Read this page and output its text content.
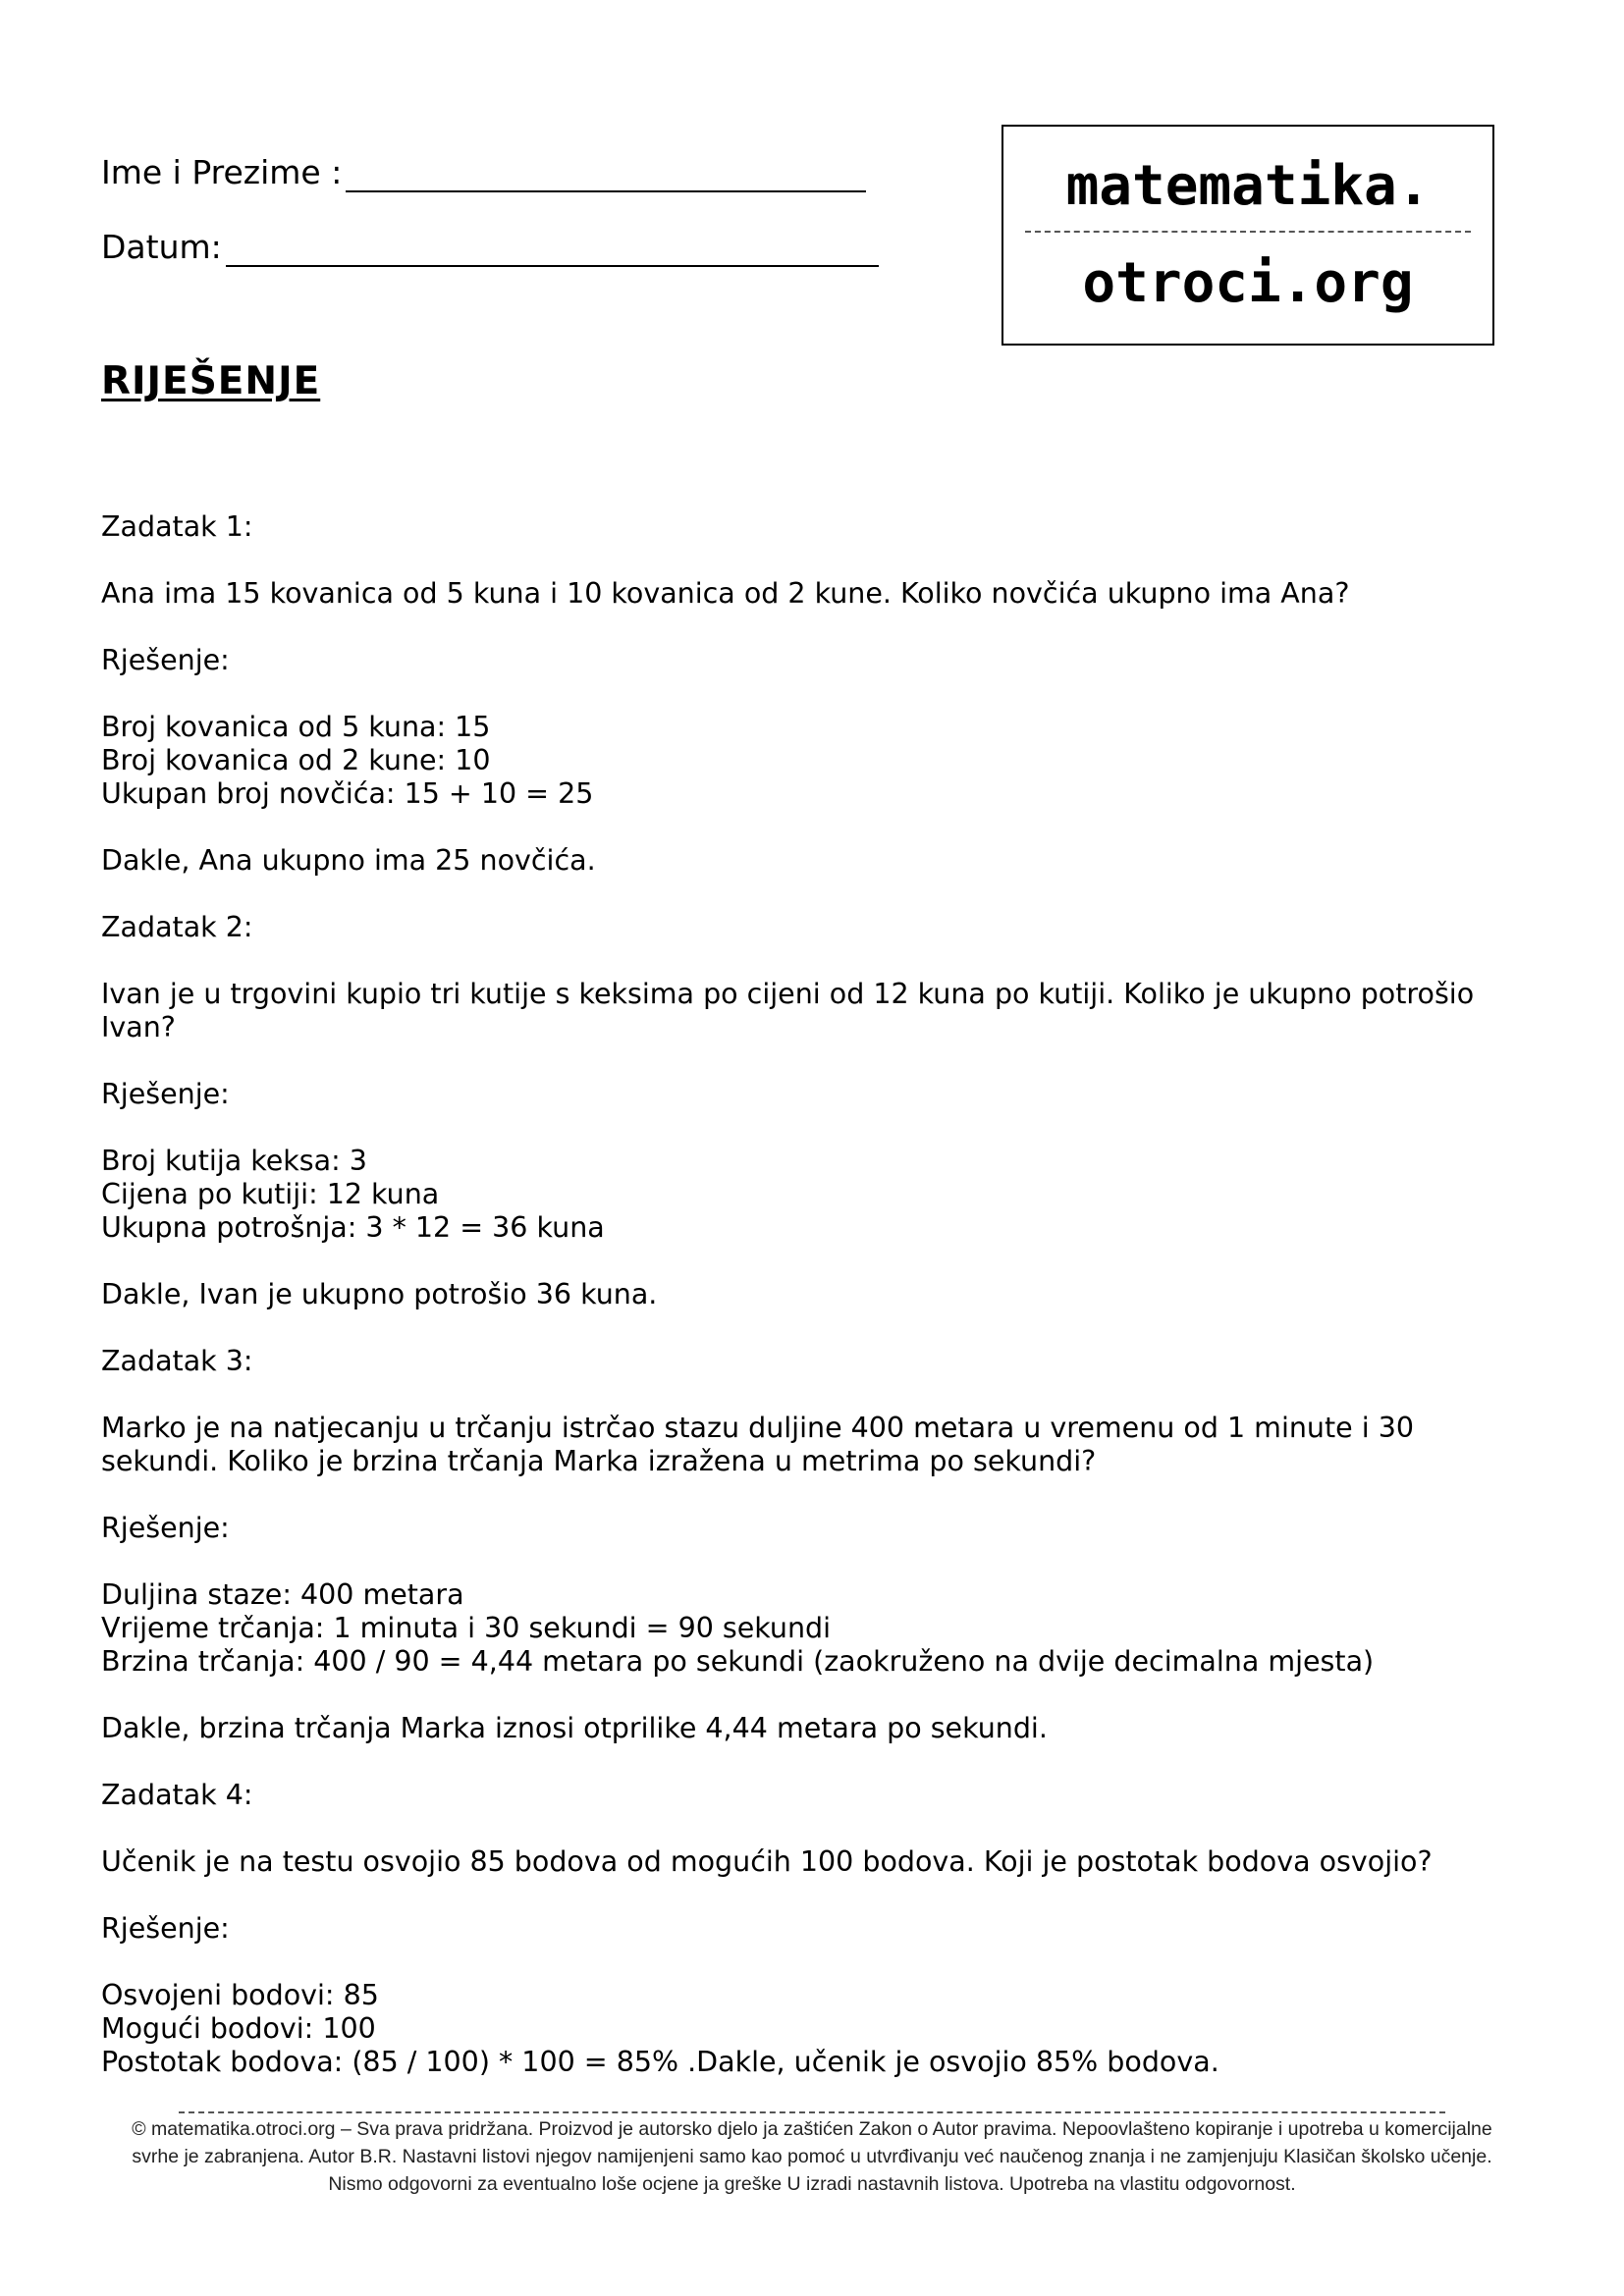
Ime i Prezime :
Datum:
matematika.
otroci.org
RIJEŠENJE

Zadatak 1:

Ana ima 15 kovanica od 5 kuna i 10 kovanica od 2 kune. Koliko novčića ukupno ima Ana?

Rješenje:

Broj kovanica od 5 kuna: 15
Broj kovanica od 2 kune: 10
Ukupan broj novčića: 15 + 10 = 25

Dakle, Ana ukupno ima 25 novčića.

Zadatak 2:

Ivan je u trgovini kupio tri kutije s keksima po cijeni od 12 kuna po kutiji. Koliko je ukupno potrošio Ivan?

Rješenje:

Broj kutija keksa: 3
Cijena po kutiji: 12 kuna
Ukupna potrošnja: 3 * 12 = 36 kuna

Dakle, Ivan je ukupno potrošio 36 kuna.

Zadatak 3:

Marko je na natjecanju u trčanju istrčao stazu duljine 400 metara u vremenu od 1 minute i 30 sekundi. Koliko je brzina trčanja Marka izražena u metrima po sekundi?

Rješenje:

Duljina staze: 400 metara
Vrijeme trčanja: 1 minuta i 30 sekundi = 90 sekundi
Brzina trčanja: 400 / 90 = 4,44 metara po sekundi (zaokruženo na dvije decimalna mjesta)

Dakle, brzina trčanja Marka iznosi otprilike 4,44 metara po sekundi.

Zadatak 4:

Učenik je na testu osvojio 85 bodova od mogućih 100 bodova. Koji je postotak bodova osvojio?

Rješenje:

Osvojeni bodovi: 85
Mogući bodovi: 100
Postotak bodova: (85 / 100) * 100 = 85% .Dakle, učenik je osvojio 85% bodova.
© matematika.otroci.org – Sva prava pridržana. Proizvod je autorsko djelo ja zaštićen Zakon o Autor pravima. Nepoovlašteno kopiranje i upotreba u komercijalne
svrhe je zabranjena. Autor B.R. Nastavni listovi njegov namijenjeni samo kao pomoć u utvrđivanju već naučenog znanja i ne zamjenjuju Klasičan školsko učenje.
Nismo odgovorni za eventualno loše ocjene ja greške U izradi nastavnih listova. Upotreba na vlastitu odgovornost.
